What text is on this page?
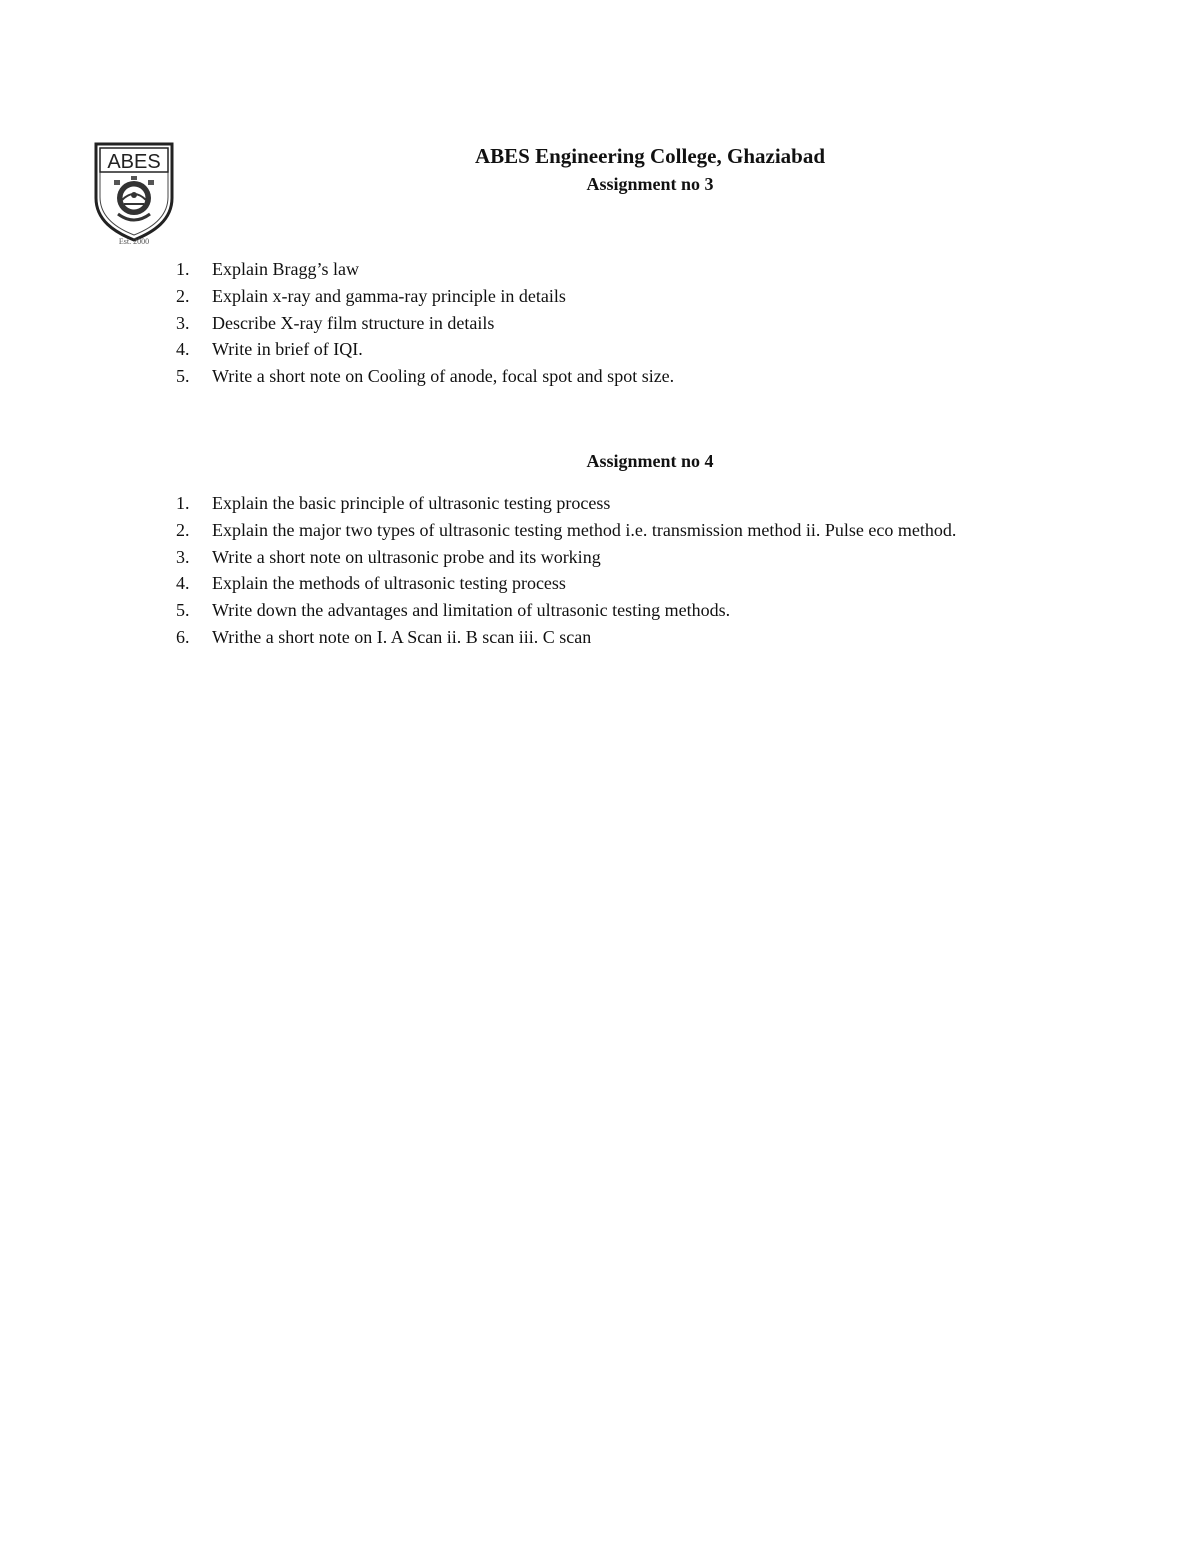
ABES
Est. 2000
ABES Engineering College, Ghaziabad
Assignment no 3
1. Explain Bragg’s law
2. Explain x-ray and gamma-ray principle in details
3. Describe X-ray film structure in details
4. Write in brief of IQI.
5. Write a short note on Cooling of anode, focal spot and spot size.
Assignment no 4
1. Explain the basic principle of ultrasonic testing process
2. Explain the major two types of ultrasonic testing method i.e. transmission method ii. Pulse eco method.
3. Write a short note on ultrasonic probe and its working
4. Explain the methods of ultrasonic testing process
5. Write down the advantages and limitation of ultrasonic testing methods.
6. Writhe a short note on I. A Scan ii. B scan iii. C scan
